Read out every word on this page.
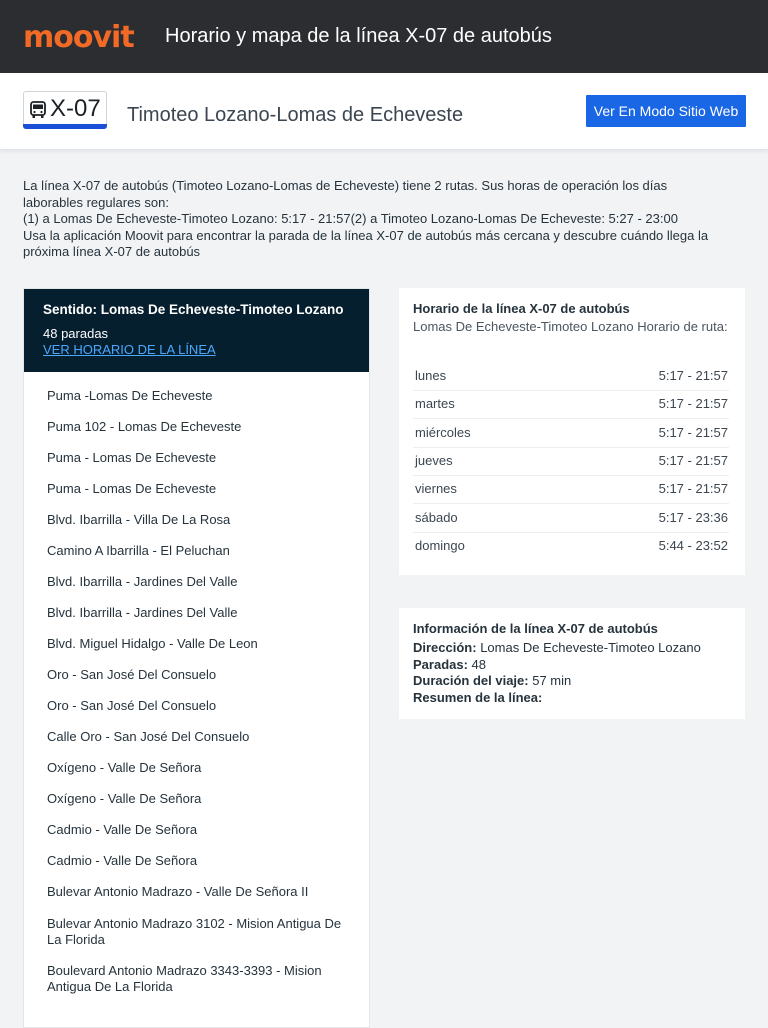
moovit Horario y mapa de la línea X-07 de autobús
X-07 Timoteo Lozano-Lomas de Echeveste	Ver En Modo Sitio Web
La línea X-07 de autobús (Timoteo Lozano-Lomas de Echeveste) tiene 2 rutas. Sus horas de operación los días
laborables regulares son:
(1) a Lomas De Echeveste-Timoteo Lozano: 5:17 - 21:57(2) a Timoteo Lozano-Lomas De Echeveste: 5:27 - 23:00
Usa la aplicación Moovit para encontrar la parada de la línea X-07 de autobús más cercana y descubre cuándo llega la
próxima línea X-07 de autobús
Sentido: Lomas De Echeveste-Timoteo Lozano
48 paradas
VER HORARIO DE LA LÍNEA
Puma -Lomas De Echeveste
Puma 102 - Lomas De Echeveste
Puma - Lomas De Echeveste
Puma - Lomas De Echeveste
Blvd. Ibarrilla - Villa De La Rosa
Camino A Ibarrilla - El Peluchan
Blvd. Ibarrilla - Jardines Del Valle
Blvd. Ibarrilla - Jardines Del Valle
Blvd. Miguel Hidalgo - Valle De Leon
Oro - San José Del Consuelo
Oro - San José Del Consuelo
Calle Oro - San José Del Consuelo
Oxígeno - Valle De Señora
Oxígeno - Valle De Señora
Cadmio - Valle De Señora
Cadmio - Valle De Señora
Bulevar Antonio Madrazo - Valle De Señora II
Bulevar Antonio Madrazo 3102 - Mision Antigua De La Florida
Boulevard Antonio Madrazo 3343-3393 - Mision Antigua De La Florida
Horario de la línea X-07 de autobús
Lomas De Echeveste-Timoteo Lozano Horario de ruta:
lunes	5:17 - 21:57
martes	5:17 - 21:57
miércoles	5:17 - 21:57
jueves	5:17 - 21:57
viernes	5:17 - 21:57
sábado	5:17 - 23:36
domingo	5:44 - 23:52
Información de la línea X-07 de autobús
Dirección: Lomas De Echeveste-Timoteo Lozano
Paradas: 48
Duración del viaje: 57 min
Resumen de la línea:
